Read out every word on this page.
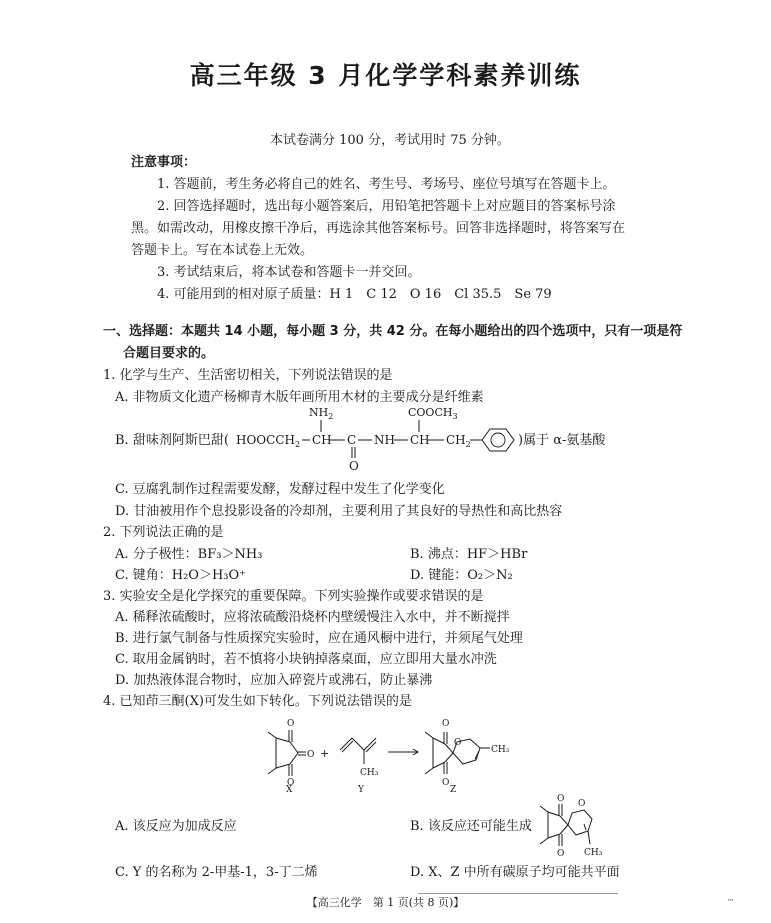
高三年级 3 月化学学科素养训练
本试卷满分 100 分，考试用时 75 分钟。
注意事项：
1. 答题前，考生务必将自己的姓名、考生号、考场号、座位号填写在答题卡上。
2. 回答选择题时，选出每小题答案后，用铅笔把答题卡上对应题目的答案标号涂
黑。如需改动，用橡皮擦干净后，再选涂其他答案标号。回答非选择题时，将答案写在
答题卡上。写在本试卷上无效。
3. 考试结束后，将本试卷和答题卡一并交回。
4. 可能用到的相对原子质量：H 1　C 12　O 16　Cl 35.5　Se 79
一、选择题：本题共 14 小题，每小题 3 分，共 42 分。在每小题给出的四个选项中，只有一项是符
合题目要求的。
1. 化学与生产、生活密切相关，下列说法错误的是
A. 非物质文化遗产杨柳青木版年画所用木材的主要成分是纤维素
B. 甜味剂阿斯巴甜( $HOOCCH_2$ CH
$NH_2$
C
O
NH CH
$COOCH_3$
$CH_2$	)属于 α-氨基酸
C. 豆腐乳制作过程需要发酵，发酵过程中发生了化学变化
D. 甘油被用作个息投影设备的冷却剂，主要利用了其良好的导热性和高比热容
2. 下列说法正确的是
A. 分子极性：BF₃＞NH₃	B. 沸点：HF＞HBr
C. 键角：H₂O＞H₃O⁺	D. 键能：O₂＞N₂
3. 实验安全是化学探究的重要保障。下列实验操作或要求错误的是
A. 稀释浓硫酸时，应将浓硫酸沿烧杯内壁缓慢注入水中，并不断搅拌
B. 进行氯气制备与性质探究实验时，应在通风橱中进行，并须尾气处理
C. 取用金属钠时，若不慎将小块钠掉落桌面，应立即用大量水冲洗
D. 加热液体混合物时，应加入碎瓷片或沸石，防止暴沸
4. 已知茚三酮(X)可发生如下转化。下列说法错误的是
O
O
O +
CH₃
O
O
O
CH₃
X	Y	Z
A. 该反应为加成反应	B. 该反应还可能生成
O
O
O
CH₃
C. Y 的名称为 2-甲基-1，3-丁二烯	D. X、Z 中所有碳原子均可能共平面
【高三化学　第 1 页(共 8 页)】	™
